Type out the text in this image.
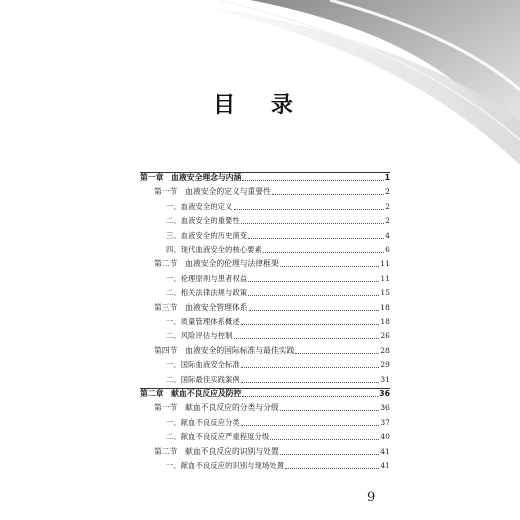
目 录
第一章　血液安全理念与内涵	1
第一节　血液安全的定义与重要性	2
一、血液安全的定义	2
二、血液安全的重要性	2
三、血液安全的历史演变	4
四、现代血液安全的核心要素	6
第二节　血液安全的伦理与法律框架	11
一、伦理原则与患者权益	11
二、相关法律法规与政策	15
第三节　血液安全管理体系	18
一、质量管理体系概述	18
二、风险评估与控制	26
第四节　血液安全的国际标准与最佳实践	28
一、国际血液安全标准	29
二、国际最佳实践案例	31
第二章　献血不良反应及防控	36
第一节　献血不良反应的分类与分级	36
一、献血不良反应分类	37
二、献血不良反应严重程度分级	40
第二节　献血不良反应的识别与处置	41
一、献血不良反应的识别与现场处置	41
9
